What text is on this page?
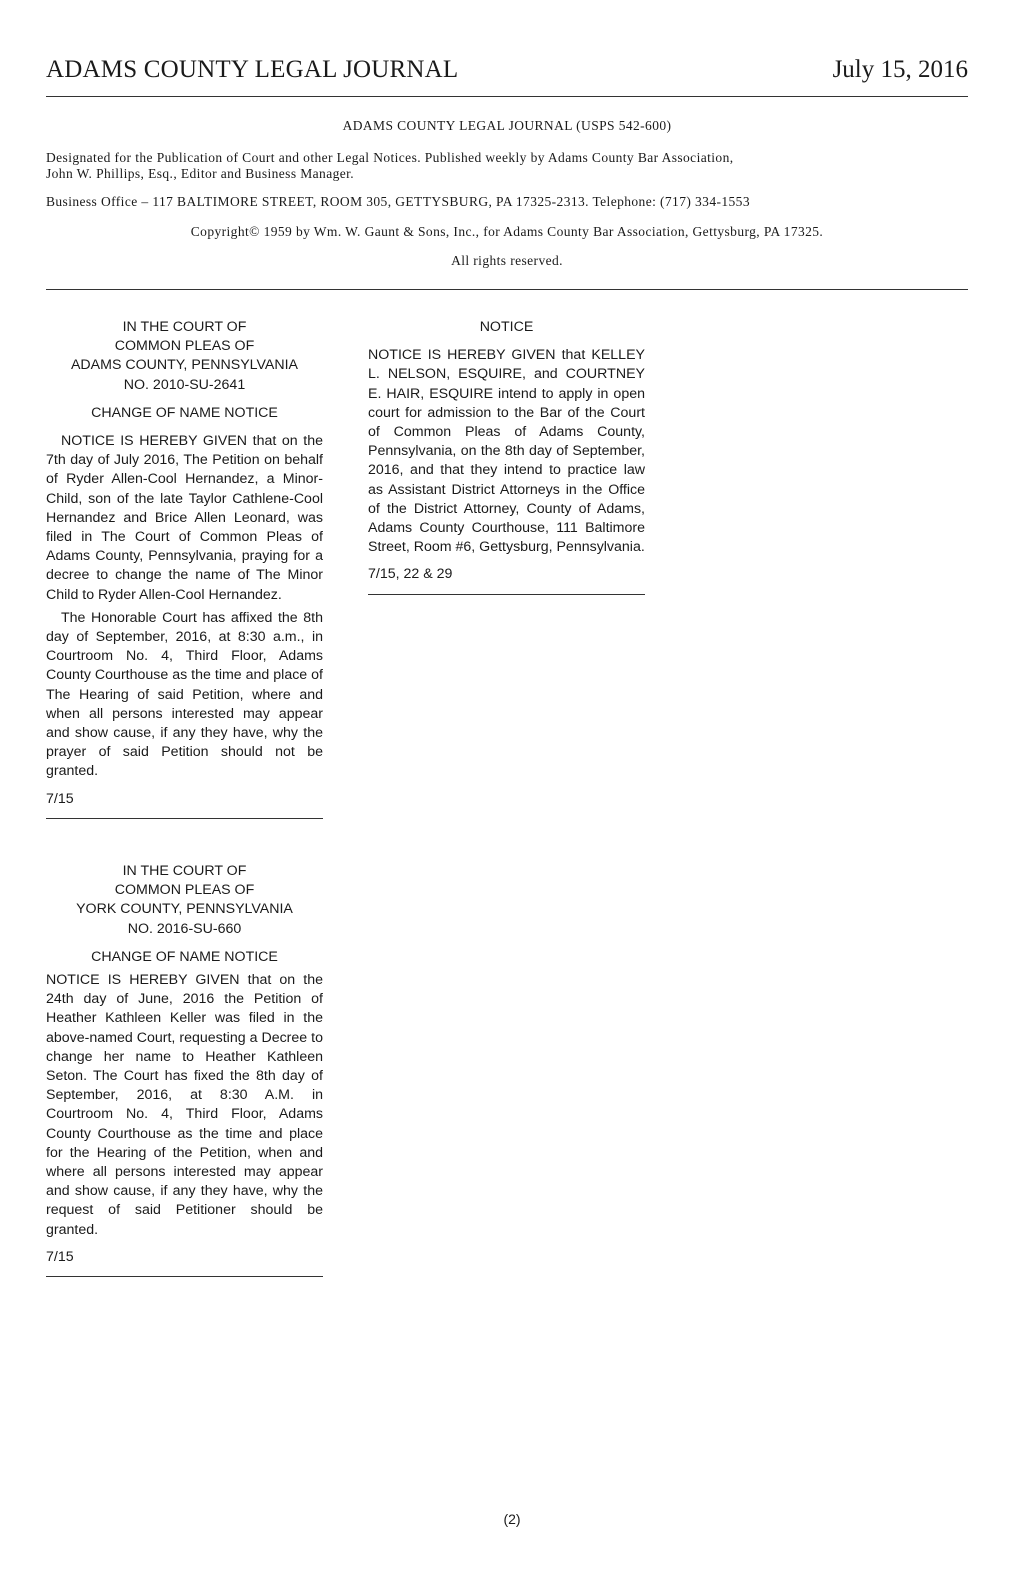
ADAMS COUNTY LEGAL JOURNAL	July 15, 2016

ADAMS COUNTY LEGAL JOURNAL (USPS 542-600)

Designated for the Publication of Court and other Legal Notices. Published weekly by Adams County Bar Association,

John W. Phillips, Esq., Editor and Business Manager.

Business Office – 117 BALTIMORE STREET, ROOM 305, GETTYSBURG, PA 17325-2313. Telephone: (717) 334-1553

Copyright© 1959 by Wm. W. Gaunt & Sons, Inc., for Adams County Bar Association, Gettysburg, PA 17325.

All rights reserved.

IN THE COURT OF

COMMON PLEAS OF

ADAMS COUNTY, PENNSYLVANIA

NO. 2010-SU-2641

CHANGE OF NAME NOTICE

NOTICE IS HEREBY GIVEN that on the 7th day of July 2016, The Petition on behalf of Ryder Allen-Cool Hernandez, a Minor-Child, son of the late Taylor Cathlene-Cool Hernandez and Brice Allen Leonard, was filed in The Court of Common Pleas of Adams County, Pennsylvania, praying for a decree to change the name of The Minor Child to Ryder Allen-Cool Hernandez.

The Honorable Court has affixed the 8th day of September, 2016, at 8:30 a.m., in Courtroom No. 4, Third Floor, Adams County Courthouse as the time and place of The Hearing of said Petition, where and when all persons interested may appear and show cause, if any they have, why the prayer of said Petition should not be granted.

7/15

IN THE COURT OF

COMMON PLEAS OF

YORK COUNTY, PENNSYLVANIA

NO. 2016-SU-660

CHANGE OF NAME NOTICE

NOTICE IS HEREBY GIVEN that on the 24th day of June, 2016 the Petition of Heather Kathleen Keller was filed in the above-named Court, requesting a Decree to change her name to Heather Kathleen Seton. The Court has fixed the 8th day of September, 2016, at 8:30 A.M. in Courtroom No. 4, Third Floor, Adams County Courthouse as the time and place for the Hearing of the Petition, when and where all persons interested may appear and show cause, if any they have, why the request of said Petitioner should be granted.

7/15

NOTICE

NOTICE IS HEREBY GIVEN that KELLEY L. NELSON, ESQUIRE, and COURTNEY E. HAIR, ESQUIRE intend to apply in open court for admission to the Bar of the Court of Common Pleas of Adams County, Pennsylvania, on the 8th day of September, 2016, and that they intend to practice law as Assistant District Attorneys in the Office of the District Attorney, County of Adams, Adams County Courthouse, 111 Baltimore Street, Room #6, Gettysburg, Pennsylvania.

7/15, 22 & 29

(2)
